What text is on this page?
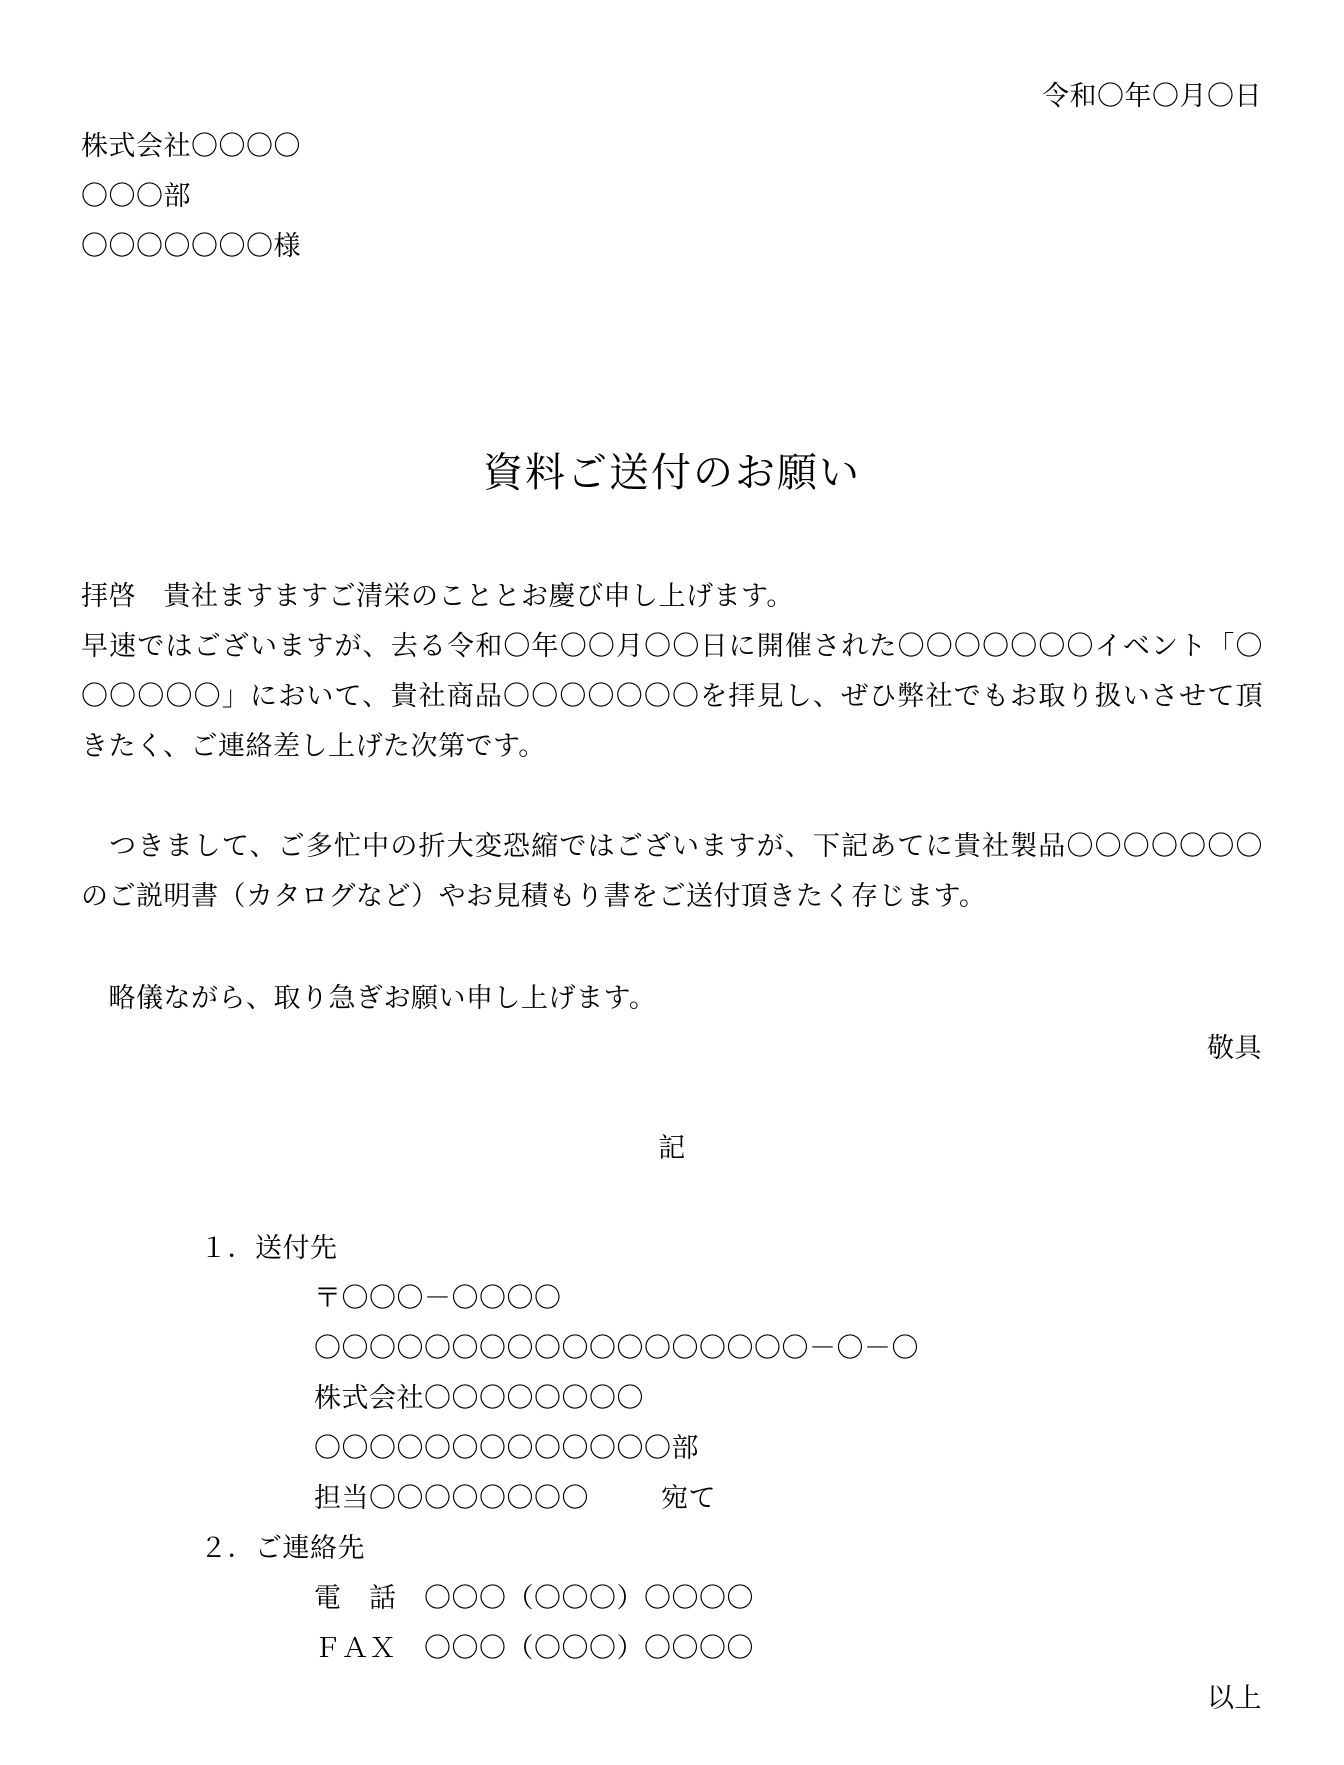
令和〇年〇月〇日
株式会社〇〇〇〇
〇〇〇部
〇〇〇〇〇〇〇様
資料ご送付のお願い
拝啓　貴社ますますご清栄のこととお慶び申し上げます。
早速ではございますが、去る令和〇年〇〇月〇〇日に開催された〇〇〇〇〇〇〇イベント「〇
〇〇〇〇〇」において、貴社商品〇〇〇〇〇〇〇を拝見し、ぜひ弊社でもお取り扱いさせて頂
きたく、ご連絡差し上げた次第です。
　つきまして、ご多忙中の折大変恐縮ではございますが、下記あてに貴社製品〇〇〇〇〇〇〇
のご説明書（カタログなど）やお見積もり書をご送付頂きたく存じます。
　略儀ながら、取り急ぎお願い申し上げます。
敬具
記
１．送付先
〒〇〇〇－〇〇〇〇
〇〇〇〇〇〇〇〇〇〇〇〇〇〇〇〇〇〇－〇－〇
株式会社〇〇〇〇〇〇〇〇
〇〇〇〇〇〇〇〇〇〇〇〇〇部
担当〇〇〇〇〇〇〇〇	宛て
２．ご連絡先
電　話　 〇〇〇（〇〇〇）〇〇〇〇
ＦＡＸ　 〇〇〇（〇〇〇）〇〇〇〇
以上
